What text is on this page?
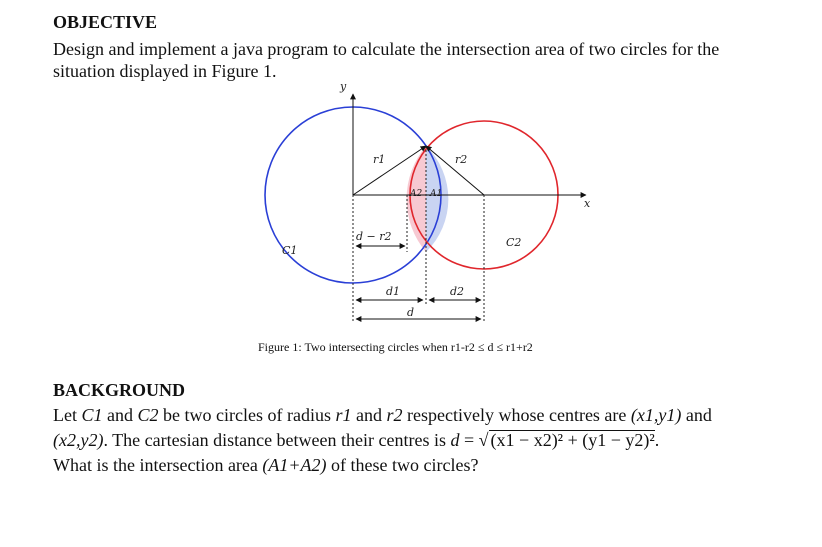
OBJECTIVE

Design and implement a java program to calculate the intersection area of two circles for the

situation displayed in Figure 1.

y
x
r1	r2
A2 A1
d − r2
C1
C2
d1	d2
d
Figure 1: Two intersecting circles when r1-r2 ≤ d ≤ r1+r2
BACKGROUND

Let C1 and C2 be two circles of radius r1 and r2 respectively whose centres are (x1,y1) and

(x2,y2). The cartesian distance between their centres is d = √ (x1 − x2)² + (y1 − y2)².

What is the intersection area (A1+A2) of these two circles?
